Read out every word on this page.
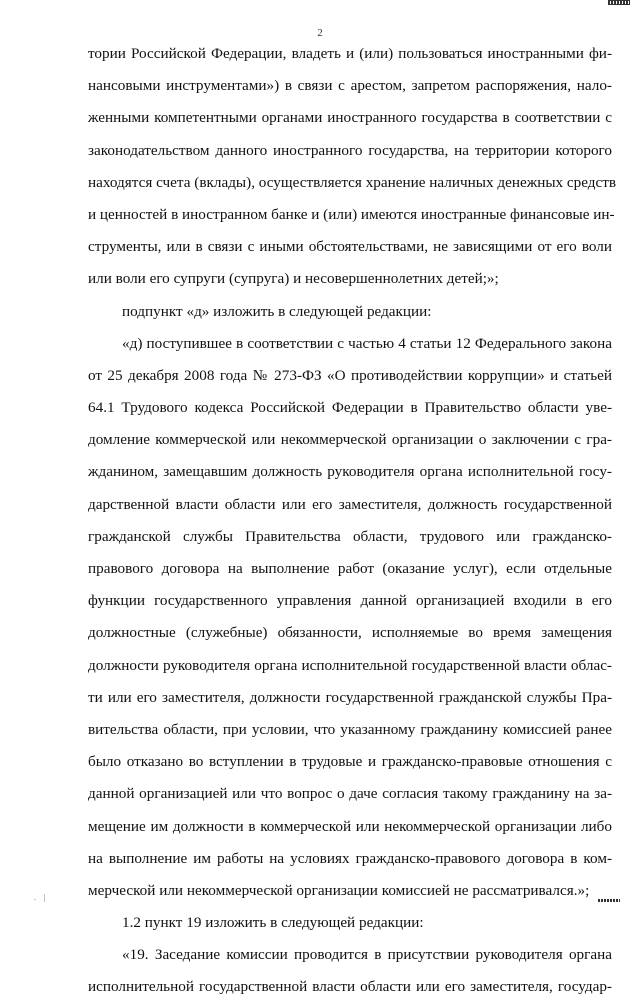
2
тории Российской Федерации, владеть и (или) пользоваться иностранными фи-
нансовыми инструментами») в связи с арестом, запретом распоряжения, нало-
женными компетентными органами иностранного государства в соответствии с
законодательством данного иностранного государства, на территории которого
находятся счета (вклады), осуществляется хранение наличных денежных средств
и ценностей в иностранном банке и (или) имеются иностранные финансовые ин-
струменты, или в связи с иными обстоятельствами, не зависящими от его воли
или воли его супруги (супруга) и несовершеннолетних детей;»;
подпункт «д» изложить в следующей редакции:
«д) поступившее в соответствии с частью 4 статьи 12 Федерального закона
от 25 декабря 2008 года № 273-ФЗ «О противодействии коррупции» и статьей
64.1 Трудового кодекса Российской Федерации в Правительство области уве-
домление коммерческой или некоммерческой организации о заключении с гра-
жданином, замещавшим должность руководителя органа исполнительной госу-
дарственной власти области или его заместителя, должность государственной
гражданской службы Правительства области, трудового или гражданско-
правового договора на выполнение работ (оказание услуг), если отдельные
функции государственного управления данной организацией входили в его
должностные (служебные) обязанности, исполняемые во время замещения
должности руководителя органа исполнительной государственной власти облас-
ти или его заместителя, должности государственной гражданской службы Пра-
вительства области, при условии, что указанному гражданину комиссией ранее
было отказано во вступлении в трудовые и гражданско-правовые отношения с
данной организацией или что вопрос о даче согласия такому гражданину на за-
мещение им должности в коммерческой или некоммерческой организации либо
на выполнение им работы на условиях гражданско-правового договора в ком-
мерческой или некоммерческой организации комиссией не рассматривался.»;
1.2 пункт 19 изложить в следующей редакции:
«19. Заседание комиссии проводится в присутствии руководителя органа
исполнительной государственной власти области или его заместителя, государ-
. |
